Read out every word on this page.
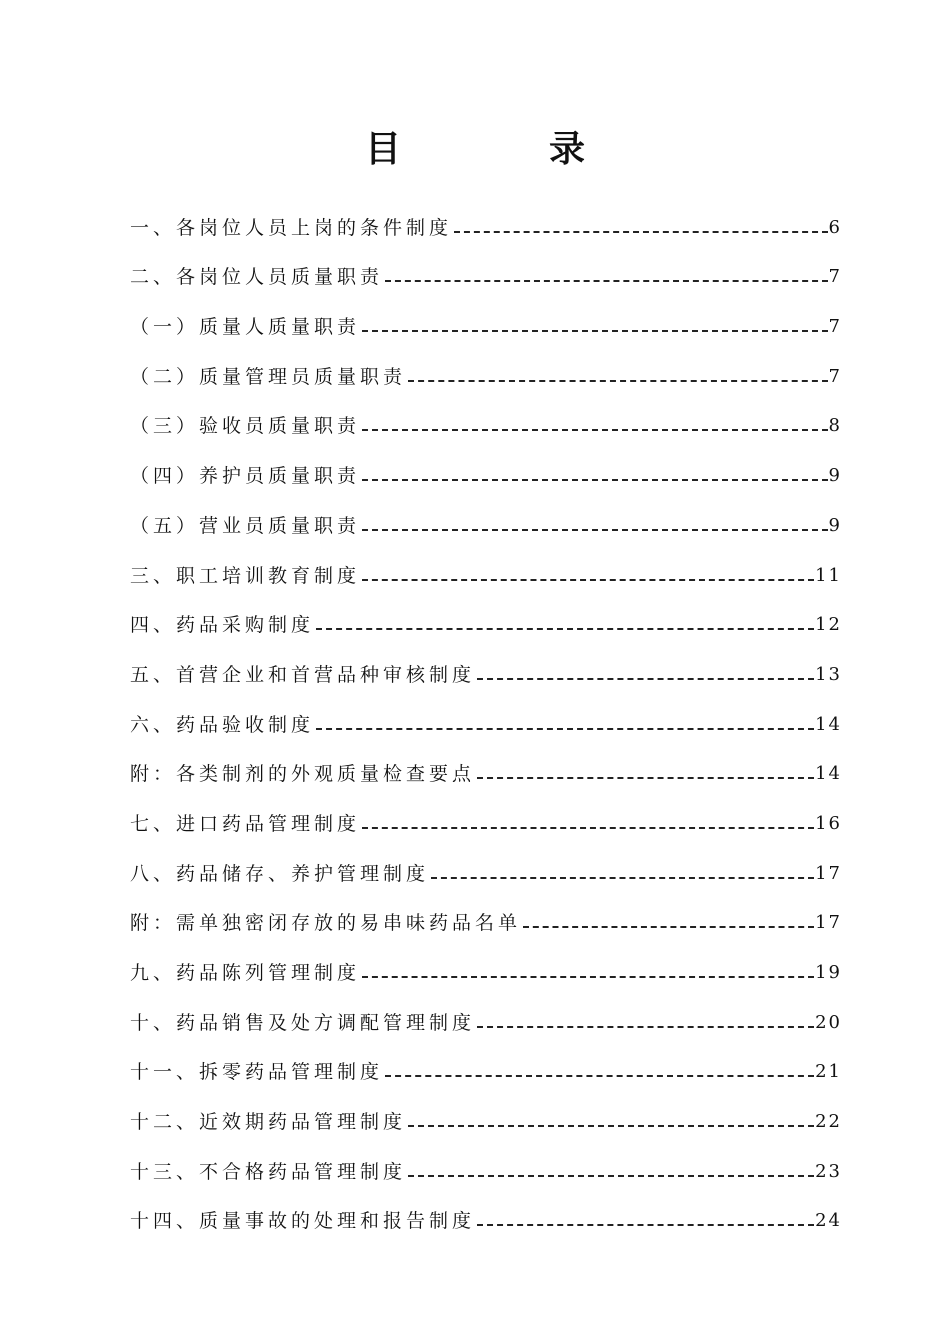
目　录
一、各岗位人员上岗的条件制度	6
二、各岗位人员质量职责	7
（一）质量人质量职责	7
（二）质量管理员质量职责	7
（三）验收员质量职责	8
（四）养护员质量职责	9
（五）营业员质量职责	9
三、职工培训教育制度	11
四、药品采购制度	12
五、首营企业和首营品种审核制度	13
六、药品验收制度	14
附：各类制剂的外观质量检查要点	14
七、进口药品管理制度	16
八、药品储存、养护管理制度	17
附：需单独密闭存放的易串味药品名单	17
九、药品陈列管理制度	19
十、药品销售及处方调配管理制度	20
十一、拆零药品管理制度	21
十二、近效期药品管理制度	22
十三、不合格药品管理制度	23
十四、质量事故的处理和报告制度	24
